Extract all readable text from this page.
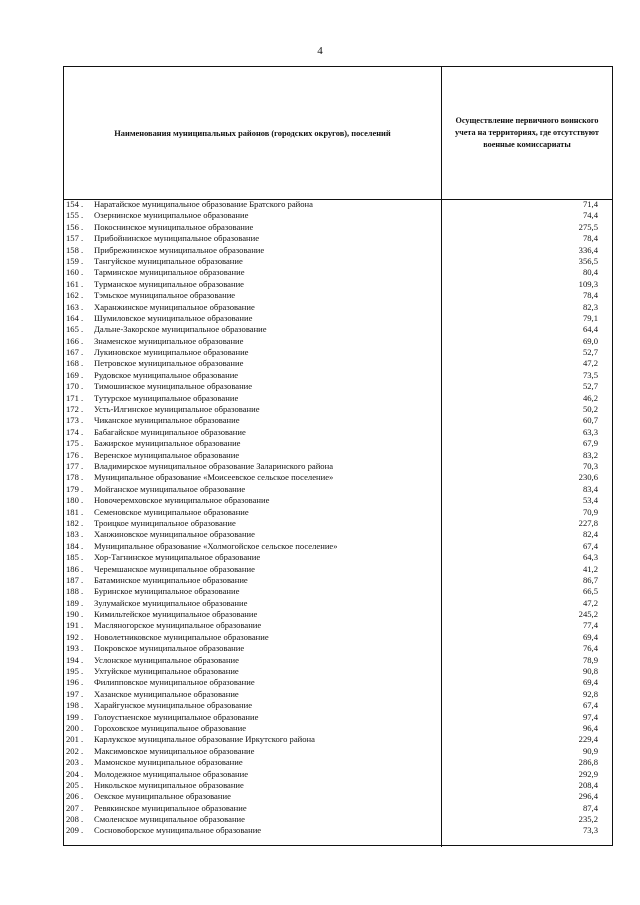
4
Наименования муниципальных районов (городских округов), поселений
Осуществление первичного воинского
учета на территориях, где отсутствуют
военные комиссариаты
154 .	Наратайское муниципальное образование Братского района	71,4
155 .	Озернинское муниципальное образование	74,4
156 .	Покоснинское муниципальное образование	275,5
157 .	Прибойнинское муниципальное образование	78,4
158 .	Прибрежнинское муниципальное образование	336,4
159 .	Тангуйское муниципальное образование	356,5
160 .	Тарминское муниципальное образование	80,4
161 .	Турманское муниципальное образование	109,3
162 .	Тэмьское муниципальное образование	78,4
163 .	Харанжинское муниципальное образование	82,3
164 .	Шумиловское муниципальное образование	79,1
165 .	Дальне-Закорское муниципальное образование	64,4
166 .	Знаменское муниципальное образование	69,0
167 .	Лукиновское муниципальное образование	52,7
168 .	Петровское муниципальное образование	47,2
169 .	Рудовское муниципальное образование	73,5
170 .	Тимошинское муниципальное образование	52,7
171 .	Тутурское муниципальное образование	46,2
172 .	Усть-Илгинское муниципальное образование	50,2
173 .	Чиканское муниципальное образование	60,7
174 .	Бабагайское муниципальное образование	63,3
175 .	Бажирское муниципальное образование	67,9
176 .	Веренское муниципальное образование	83,2
177 .	Владимирское муниципальное образование Заларинского района	70,3
178 .	Муниципальное образование «Моисеевское сельское поселение»	230,6
179 .	Мойганское муниципальное образование	83,4
180 .	Новочеремховское муниципальное образование	53,4
181 .	Семеновское муниципальное образование	70,9
182 .	Троицкое муниципальное образование	227,8
183 .	Ханжиновское муниципальное образование	82,4
184 .	Муниципальное образование «Холмогойское сельское поселение»	67,4
185 .	Хор-Тагнинское муниципальное образование	64,3
186 .	Черемшанское муниципальное образование	41,2
187 .	Батаминское муниципальное образование	86,7
188 .	Буринское муниципальное образование	66,5
189 .	Зулумайское муниципальное образование	47,2
190 .	Кимильтейское муниципальное образование	245,2
191 .	Масляногорское муниципальное образование	77,4
192 .	Новолетниковское муниципальное образование	69,4
193 .	Покровское муниципальное образование	76,4
194 .	Услонское муниципальное образование	78,9
195 .	Ухтуйское муниципальное образование	90,8
196 .	Филипповское муниципальное образование	69,4
197 .	Хазанское муниципальное образование	92,8
198 .	Харайгунское муниципальное образование	67,4
199 .	Голоустненское муниципальное образование	97,4
200 .	Гороховское муниципальное образование	96,4
201 .	Карлукское муниципальное образование Иркутского района	229,4
202 .	Максимовское муниципальное образование	90,9
203 .	Мамонское муниципальное образование	286,8
204 .	Молодежное муниципальное образование	292,9
205 .	Никольское муниципальное образование	208,4
206 .	Оекское муниципальное образование	296,4
207 .	Ревякинское муниципальное образование	87,4
208 .	Смоленское муниципальное образование	235,2
209 .	Сосновоборское муниципальное образование	73,3
